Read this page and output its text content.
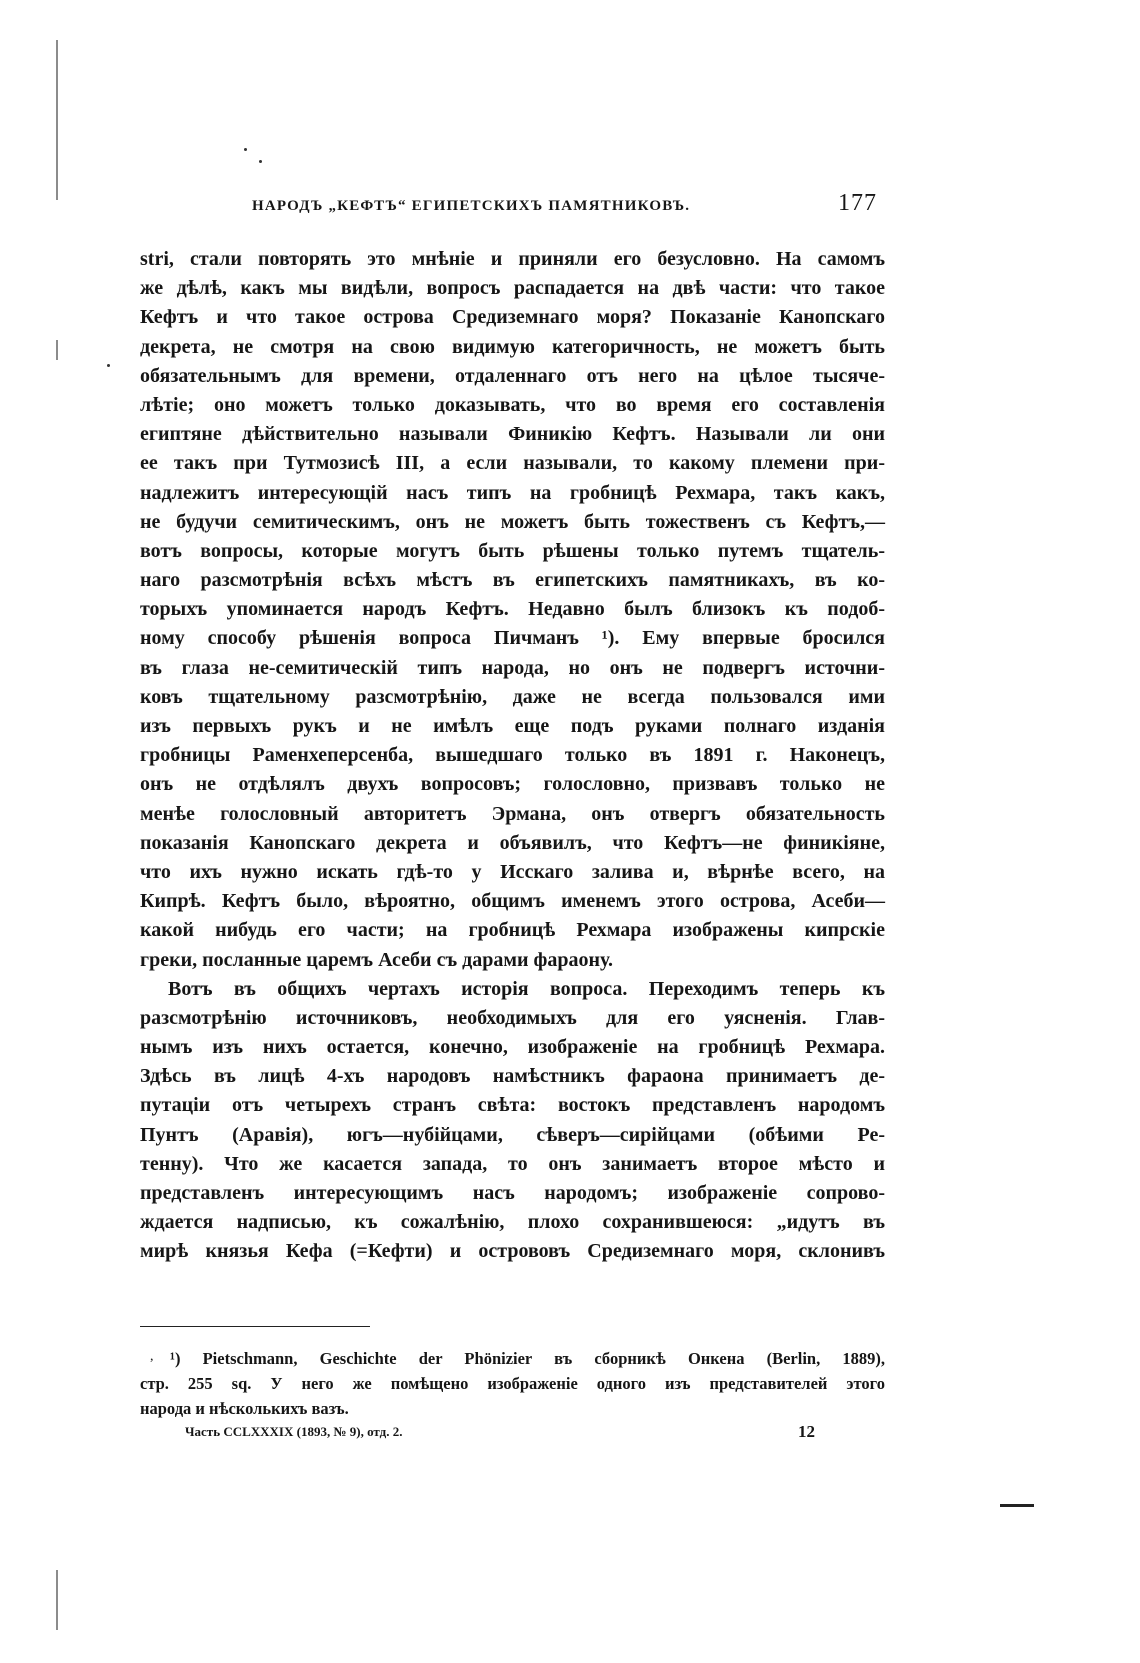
НАРОДЪ „КЕФТЪ“ ЕГИПЕТСКИХЪ ПАМЯТНИКОВЪ.	177
stri, стали повторять это мнѣніе и приняли его безусловно. На самомъ
же дѣлѣ, какъ мы видѣли, вопросъ распадается на двѣ части: что такое
Кефтъ и что такое острова Средиземнаго моря? Показаніе Канопскаго
декрета, не смотря на свою видимую категоричность, не можетъ быть
обязательнымъ для времени, отдаленнаго отъ него на цѣлое тысяче-
лѣтіе; оно можетъ только доказывать, что во время его составленія
египтяне дѣйствительно называли Финикію Кефтъ. Называли ли они
ее такъ при Тутмозисѣ III, а если называли, то какому племени при-
надлежитъ интересующій насъ типъ на гробницѣ Рехмара, такъ какъ,
не будучи семитическимъ, онъ не можетъ быть тожественъ съ Кефтъ,—
вотъ вопросы, которые могутъ быть рѣшены только путемъ тщатель-
наго разсмотрѣнія всѣхъ мѣстъ въ египетскихъ памятникахъ, въ ко-
торыхъ упоминается народъ Кефтъ. Недавно былъ близокъ къ подоб-
ному способу рѣшенія вопроса Пичманъ ¹). Ему впервые бросился
въ глаза не-семитическій типъ народа, но онъ не подвергъ источни-
ковъ тщательному разсмотрѣнію, даже не всегда пользовался ими
изъ первыхъ рукъ и не имѣлъ еще подъ руками полнаго изданія
гробницы Раменхеперсенба, вышедшаго только въ 1891 г. Наконецъ,
онъ не отдѣлялъ двухъ вопросовъ; голословно, призвавъ только не
менѣе голословный авторитетъ Эрмана, онъ отвергъ обязательность
показанія Канопскаго декрета и объявилъ, что Кефтъ—не финикіяне,
что ихъ нужно искать гдѣ-то у Исскаго залива и, вѣрнѣе всего, на
Кипрѣ. Кефтъ было, вѣроятно, общимъ именемъ этого острова, Асеби—
какой нибудь его части; на гробницѣ Рехмара изображены кипрскіе
греки, посланные царемъ Асеби съ дарами фараону.
Вотъ въ общихъ чертахъ исторія вопроса. Переходимъ теперь къ
разсмотрѣнію источниковъ, необходимыхъ для его уясненія. Глав-
нымъ изъ нихъ остается, конечно, изображеніе на гробницѣ Рехмара.
Здѣсь въ лицѣ 4-хъ народовъ намѣстникъ фараона принимаетъ де-
путаціи отъ четырехъ странъ свѣта: востокъ представленъ народомъ
Пунтъ (Аравія), югъ—нубійцами, сѣверъ—сирійцами (обѣими Ре-
тенну). Что же касается запада, то онъ занимаетъ второе мѣсто и
представленъ интересующимъ насъ народомъ; изображеніе сопрово-
ждается надписью, къ сожалѣнію, плохо сохранившеюся: „идутъ въ
мирѣ князья Кефа (=Кефти) и острововъ Средиземнаго моря, склонивъ
,	¹) Pietschmann, Geschichte der Phönizier въ сборникѣ Онкена (Berlin, 1889),
стр. 255 sq. У него же помѣщено изображеніе одного изъ представителей этого
народа и нѣсколькихъ вазъ.
Часть CCLXXXIX (1893, № 9), отд. 2.	12
